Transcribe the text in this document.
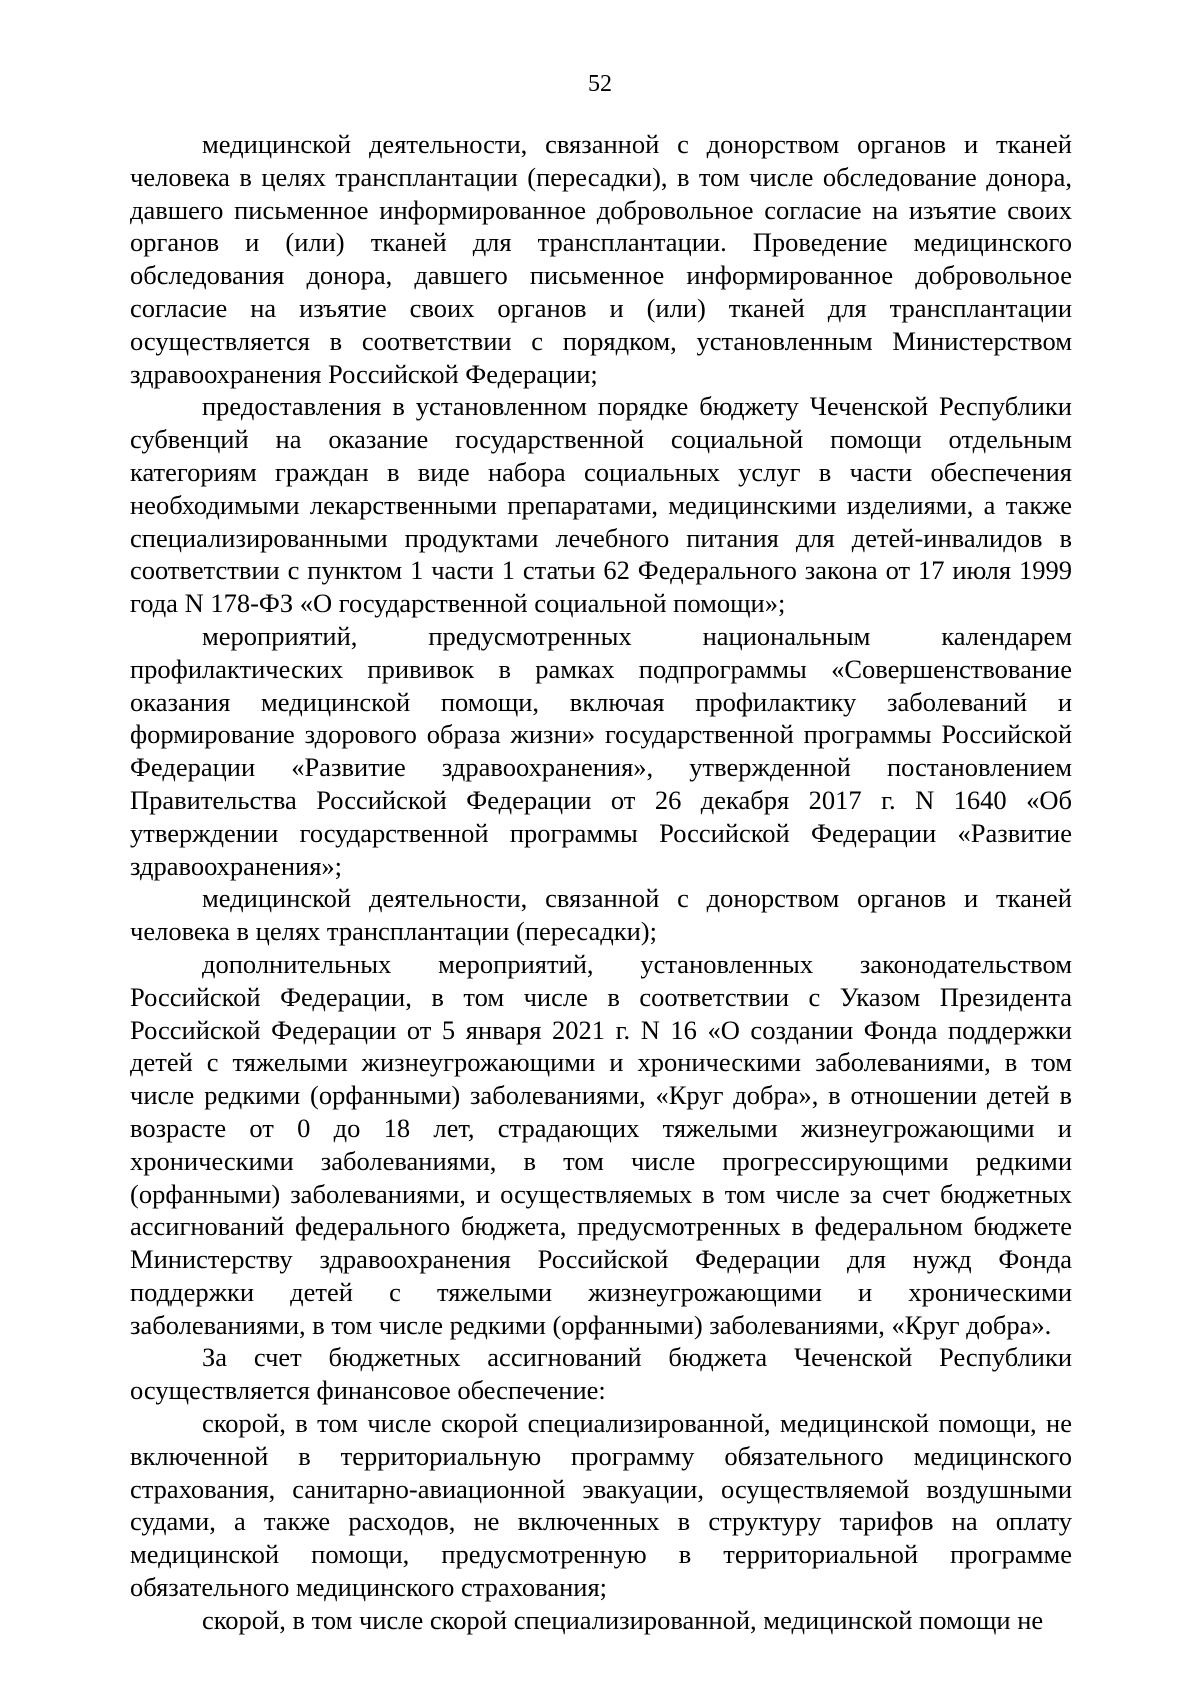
52

медицинской деятельности, связанной с донорством органов и тканей человека в целях трансплантации (пересадки), в том числе обследование донора, давшего письменное информированное добровольное согласие на изъятие своих органов и (или) тканей для трансплантации. Проведение медицинского обследования донора, давшего письменное информированное добровольное согласие на изъятие своих органов и (или) тканей для трансплантации осуществляется в соответствии с порядком, установленным Министерством здравоохранения Российской Федерации;

предоставления в установленном порядке бюджету Чеченской Республики субвенций на оказание государственной социальной помощи отдельным категориям граждан в виде набора социальных услуг в части обеспечения необходимыми лекарственными препаратами, медицинскими изделиями, а также специализированными продуктами лечебного питания для детей-инвалидов в соответствии с пунктом 1 части 1 статьи 62 Федерального закона от 17 июля 1999 года N 178-ФЗ «О государственной социальной помощи»;

мероприятий, предусмотренных национальным календарем профилактических прививок в рамках подпрограммы «Совершенствование оказания медицинской помощи, включая профилактику заболеваний и формирование здорового образа жизни» государственной программы Российской Федерации «Развитие здравоохранения», утвержденной постановлением Правительства Российской Федерации от 26 декабря 2017 г. N 1640 «Об утверждении государственной программы Российской Федерации «Развитие здравоохранения»;

медицинской деятельности, связанной с донорством органов и тканей человека в целях трансплантации (пересадки);

дополнительных мероприятий, установленных законодательством Российской Федерации, в том числе в соответствии с Указом Президента Российской Федерации от 5 января 2021 г. N 16 «О создании Фонда поддержки детей с тяжелыми жизнеугрожающими и хроническими заболеваниями, в том числе редкими (орфанными) заболеваниями, «Круг добра», в отношении детей в возрасте от 0 до 18 лет, страдающих тяжелыми жизнеугрожающими и хроническими заболеваниями, в том числе прогрессирующими редкими (орфанными) заболеваниями, и осуществляемых в том числе за счет бюджетных ассигнований федерального бюджета, предусмотренных в федеральном бюджете Министерству здравоохранения Российской Федерации для нужд Фонда поддержки детей с тяжелыми жизнеугрожающими и хроническими заболеваниями, в том числе редкими (орфанными) заболеваниями, «Круг добра».

За счет бюджетных ассигнований бюджета Чеченской Республики осуществляется финансовое обеспечение:

скорой, в том числе скорой специализированной, медицинской помощи, не включенной в территориальную программу обязательного медицинского страхования, санитарно-авиационной эвакуации, осуществляемой воздушными судами, а также расходов, не включенных в структуру тарифов на оплату медицинской помощи, предусмотренную в территориальной программе обязательного медицинского страхования;

скорой, в том числе скорой специализированной, медицинской помощи не
